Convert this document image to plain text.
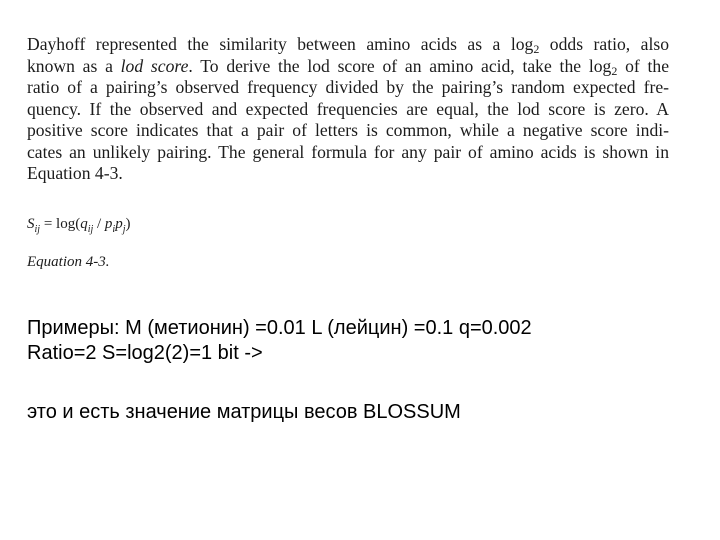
Dayhoff represented the similarity between amino acids as a $\log_2$ odds ratio, also
known as a lod score. To derive the lod score of an amino acid, take the $\log_2$ of the
ratio of a pairing’s observed frequency divided by the pairing’s random expected fre-
quency. If the observed and expected frequencies are equal, the lod score is zero. A
positive score indicates that a pair of letters is common, while a negative score indi-
cates an unlikely pairing. The general formula for any pair of amino acids is shown in
Equation 4-3.
$S_{ij} = \log(q_{ij} / p_ip_j)$
Equation 4-3.
Примеры: M (метионин) =0.01 L (лейцин) =0.1 q=0.002
Ratio=2 S=log2(2)=1 bit ->
это и есть значение матрицы весов BLOSSUM
